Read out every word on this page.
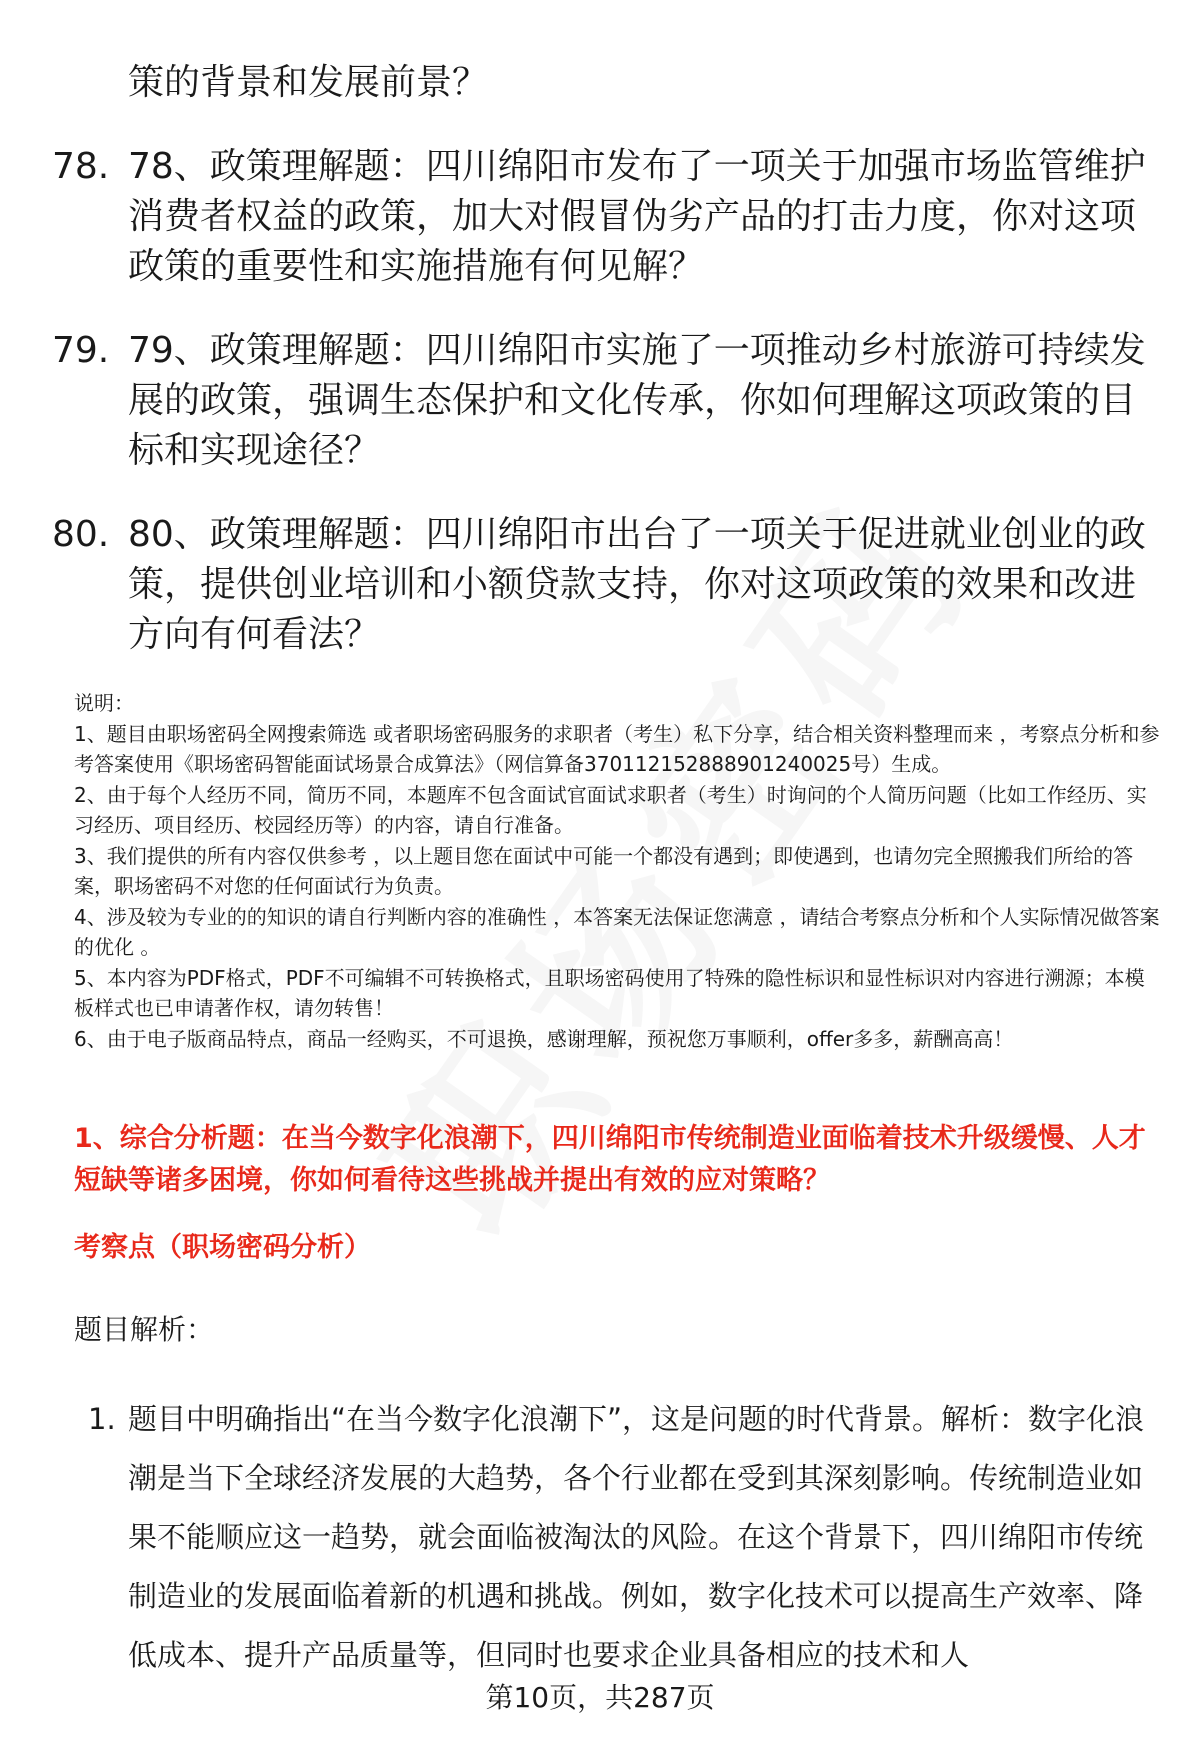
策的背景和发展前景？
78. 78、政策理解题：四川绵阳市发布了一项关于加强市场监管维护消费者权益的政策，加大对假冒伪劣产品的打击力度，你对这项政策的重要性和实施措施有何见解？
79. 79、政策理解题：四川绵阳市实施了一项推动乡村旅游可持续发展的政策，强调生态保护和文化传承，你如何理解这项政策的目标和实现途径？
80. 80、政策理解题：四川绵阳市出台了一项关于促进就业创业的政策，提供创业培训和小额贷款支持，你对这项政策的效果和改进方向有何看法？

说明：

1、题目由职场密码全网搜索筛选 或者职场密码服务的求职者（考生）私下分享，结合相关资料整理而来 ，考察点分析和参考答案使用《职场密码智能面试场景合成算法》（网信算备370112152888901240025号）生成。

2、由于每个人经历不同，简历不同，本题库不包含面试官面试求职者（考生）时询问的个人简历问题（比如工作经历、实习经历、项目经历、校园经历等）的内容，请自行准备。

3、我们提供的所有内容仅供参考 ，以上题目您在面试中可能一个都没有遇到；即使遇到，也请勿完全照搬我们所给的答案，职场密码不对您的任何面试行为负责。

4、涉及较为专业的的知识的请自行判断内容的准确性 ，本答案无法保证您满意 ，请结合考察点分析和个人实际情况做答案的优化 。

5、本内容为PDF格式，PDF不可编辑不可转换格式，且职场密码使用了特殊的隐性标识和显性标识对内容进行溯源；本模板样式也已申请著作权，请勿转售！

6、由于电子版商品特点，商品一经购买，不可退换，感谢理解，预祝您万事顺利，offer多多，薪酬高高！

1、综合分析题：在当今数字化浪潮下，四川绵阳市传统制造业面临着技术升级缓慢、人才短缺等诸多困境，你如何看待这些挑战并提出有效的应对策略？
考察点（职场密码分析）
题目解析：
1. 题目中明确指出“在当今数字化浪潮下”，这是问题的时代背景。解析：数字化浪潮是当下全球经济发展的大趋势，各个行业都在受到其深刻影响。传统制造业如果不能顺应这一趋势，就会面临被淘汰的风险。在这个背景下，四川绵阳市传统制造业的发展面临着新的机遇和挑战。例如，数字化技术可以提高生产效率、降低成本、提升产品质量等，但同时也要求企业具备相应的技术和人
第10页，共287页
